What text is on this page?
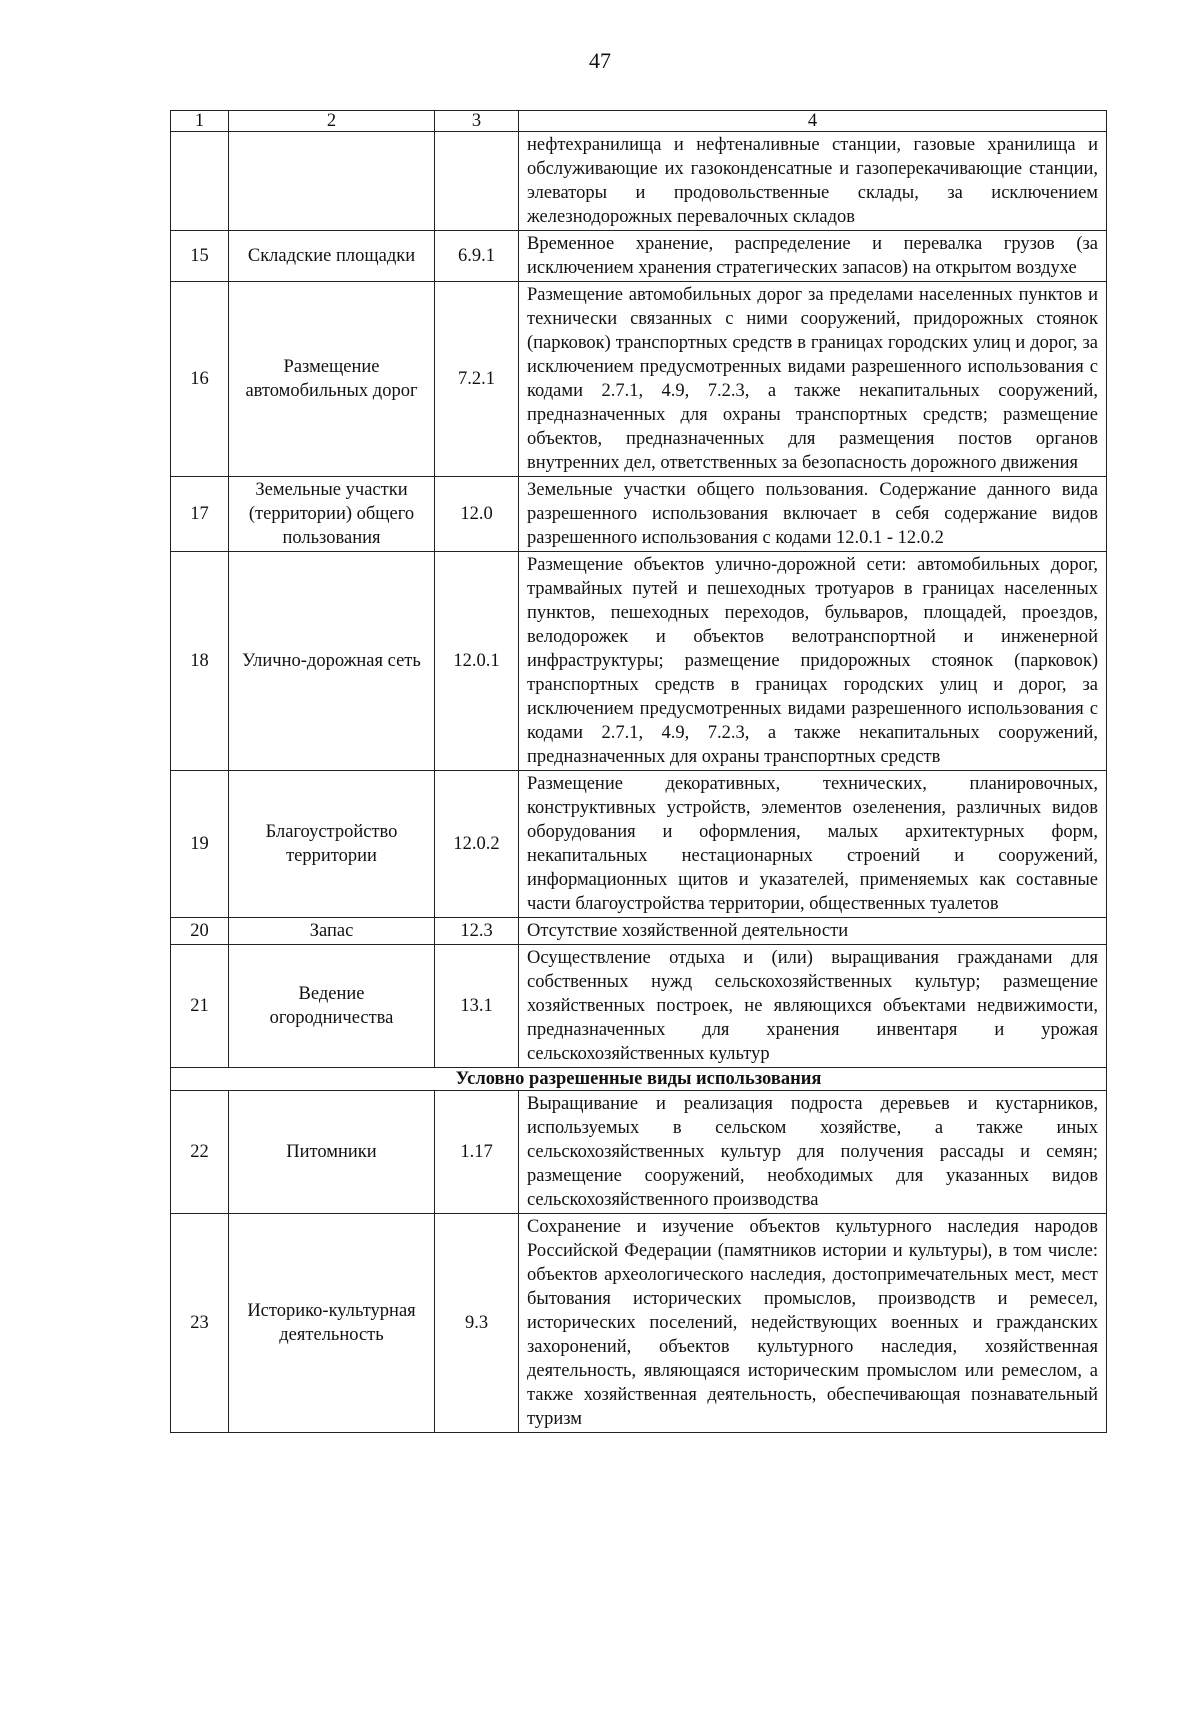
47
1	2	3	4
			нефтехранилища и нефтеналивные станции, газовые хранилища и обслуживающие их газоконденсатные и газоперекачивающие станции, элеваторы и продовольственные склады, за исключением железнодорожных перевалочных складов
15	Складские площадки	6.9.1	Временное хранение, распределение и перевалка грузов (за исключением хранения стратегических запасов) на открытом воздухе
16	Размещение автомобильных дорог	7.2.1	Размещение автомобильных дорог за пределами населенных пунктов и технически связанных с ними сооружений, придорожных стоянок (парковок) транспортных средств в границах городских улиц и дорог, за исключением предусмотренных видами разрешенного использования с кодами 2.7.1, 4.9, 7.2.3, а также некапитальных сооружений, предназначенных для охраны транспортных средств; размещение объектов, предназначенных для размещения постов органов внутренних дел, ответственных за безопасность дорожного движения
17	Земельные участки (территории) общего пользования	12.0	Земельные участки общего пользования. Содержание данного вида разрешенного использования включает в себя содержание видов разрешенного использования с кодами 12.0.1 - 12.0.2
18	Улично-дорожная сеть	12.0.1	Размещение объектов улично-дорожной сети: автомобильных дорог, трамвайных путей и пешеходных тротуаров в границах населенных пунктов, пешеходных переходов, бульваров, площадей, проездов, велодорожек и объектов велотранспортной и инженерной инфраструктуры; размещение придорожных стоянок (парковок) транспортных средств в границах городских улиц и дорог, за исключением предусмотренных видами разрешенного использования с кодами 2.7.1, 4.9, 7.2.3, а также некапитальных сооружений, предназначенных для охраны транспортных средств
19	Благоустройство территории	12.0.2	Размещение декоративных, технических, планировочных, конструктивных устройств, элементов озеленения, различных видов оборудования и оформления, малых архитектурных форм, некапитальных нестационарных строений и сооружений, информационных щитов и указателей, применяемых как составные части благоустройства территории, общественных туалетов
20	Запас	12.3	Отсутствие хозяйственной деятельности
21	Ведение огородничества	13.1	Осуществление отдыха и (или) выращивания гражданами для собственных нужд сельскохозяйственных культур; размещение хозяйственных построек, не являющихся объектами недвижимости, предназначенных для хранения инвентаря и урожая сельскохозяйственных культур
Условно разрешенные виды использования			
22	Питомники	1.17	Выращивание и реализация подроста деревьев и кустарников, используемых в сельском хозяйстве, а также иных сельскохозяйственных культур для получения рассады и семян; размещение сооружений, необходимых для указанных видов сельскохозяйственного производства
23	Историко-культурная деятельность	9.3	Сохранение и изучение объектов культурного наследия народов Российской Федерации (памятников истории и культуры), в том числе: объектов археологического наследия, достопримечательных мест, мест бытования исторических промыслов, производств и ремесел, исторических поселений, недействующих военных и гражданских захоронений, объектов культурного наследия, хозяйственная деятельность, являющаяся историческим промыслом или ремеслом, а также хозяйственная деятельность, обеспечивающая познавательный туризм
